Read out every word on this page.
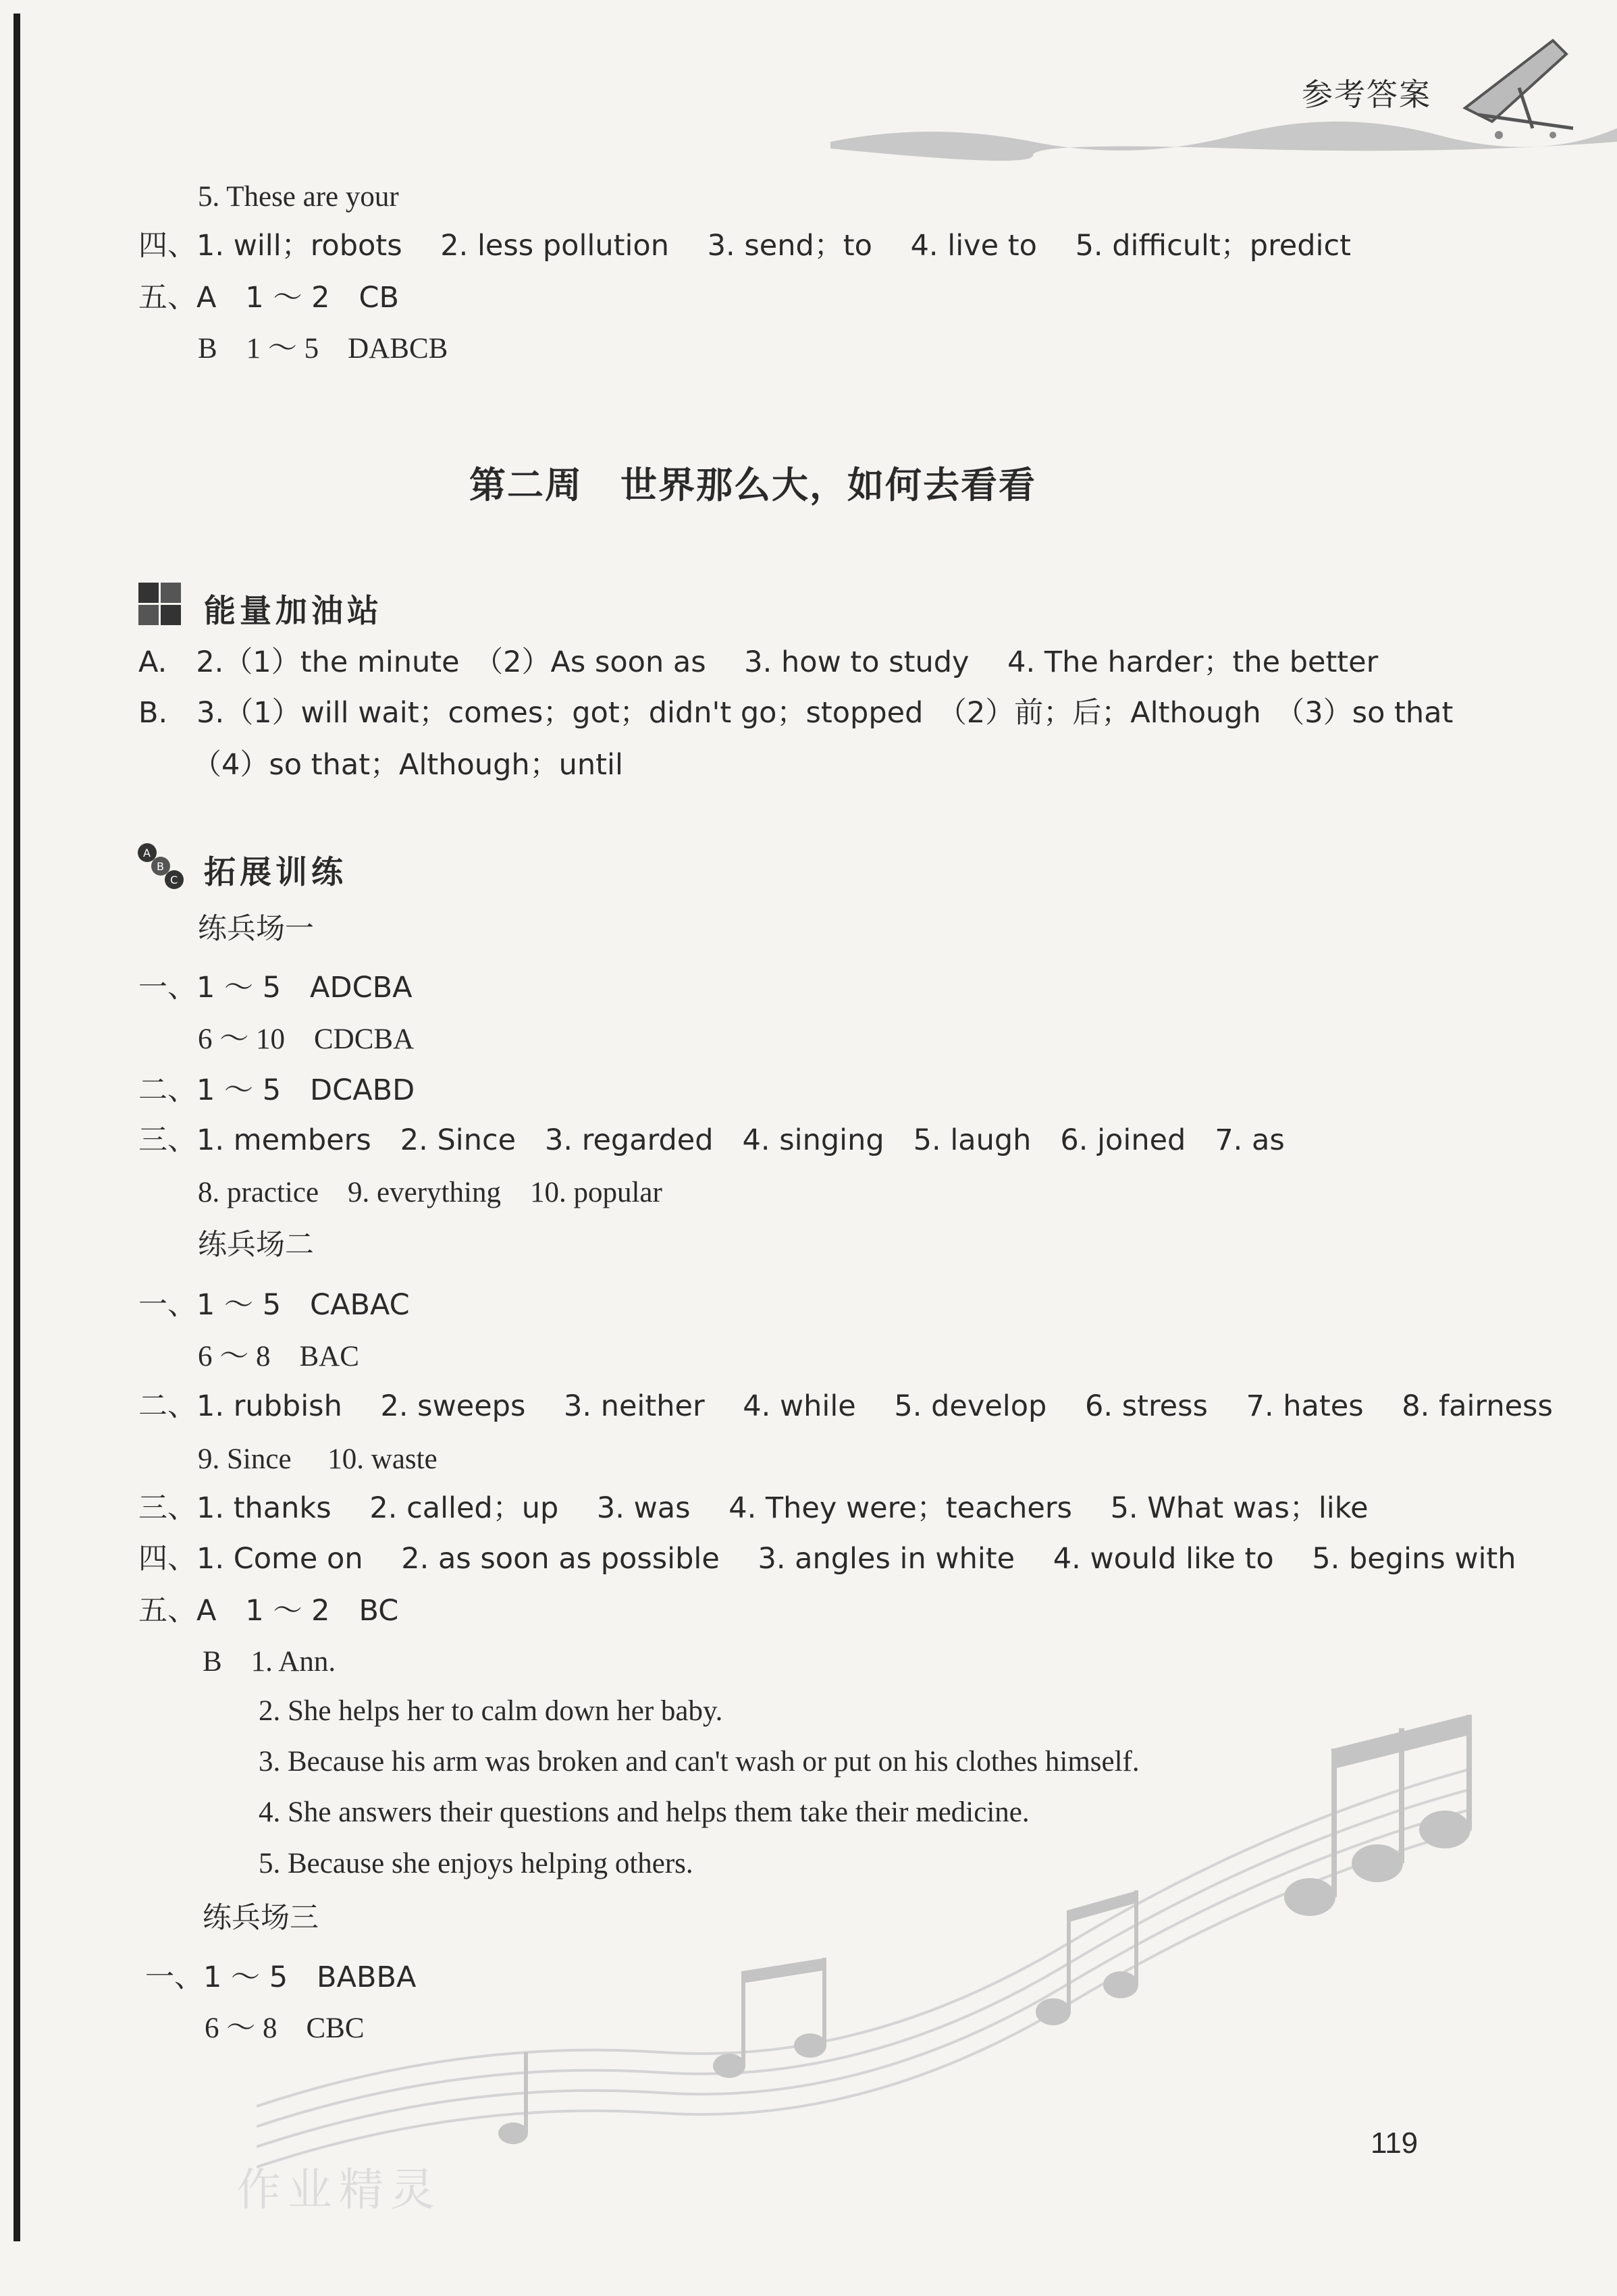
参考答案
5. These are your
四、1. will；robots　 2. less pollution　 3. send；to　 4. live to　 5. difficult；predict
五、A　1 ～ 2　CB
B　1 ～ 5　DABCB
第二周　世界那么大，如何去看看
能量加油站
A.　2.（1）the minute　（2）As soon as　 3. how to study　 4. The harder；the better
B.　3.（1）will wait；comes；got；didn't go；stopped　（2）前；后；Although　（3）so that
（4）so that；Although；until
A
B
C 拓展训练
练兵场一
一、1 ～ 5　ADCBA
6 ～ 10　CDCBA
二、1 ～ 5　DCABD
三、1. members　2. Since　3. regarded　4. singing　5. laugh　6. joined　7. as
8. practice　9. everything　10. popular
练兵场二
一、1 ～ 5　CABAC
6 ～ 8　BAC
二、1. rubbish　 2. sweeps　 3. neither　 4. while　 5. develop　 6. stress　 7. hates　 8. fairness
9. Since　 10. waste
三、1. thanks　 2. called；up　 3. was　 4. They were；teachers　 5. What was；like
四、1. Come on　 2. as soon as possible　 3. angles in white　 4. would like to　 5. begins with
五、A　1 ～ 2　BC
B　1. Ann.
2. She helps her to calm down her baby.
3. Because his arm was broken and can't wash or put on his clothes himself.
4. She answers their questions and helps them take their medicine.
5. Because she enjoys helping others.
练兵场三
一、1 ～ 5　BABBA
6 ～ 8　CBC
作业精灵
119
